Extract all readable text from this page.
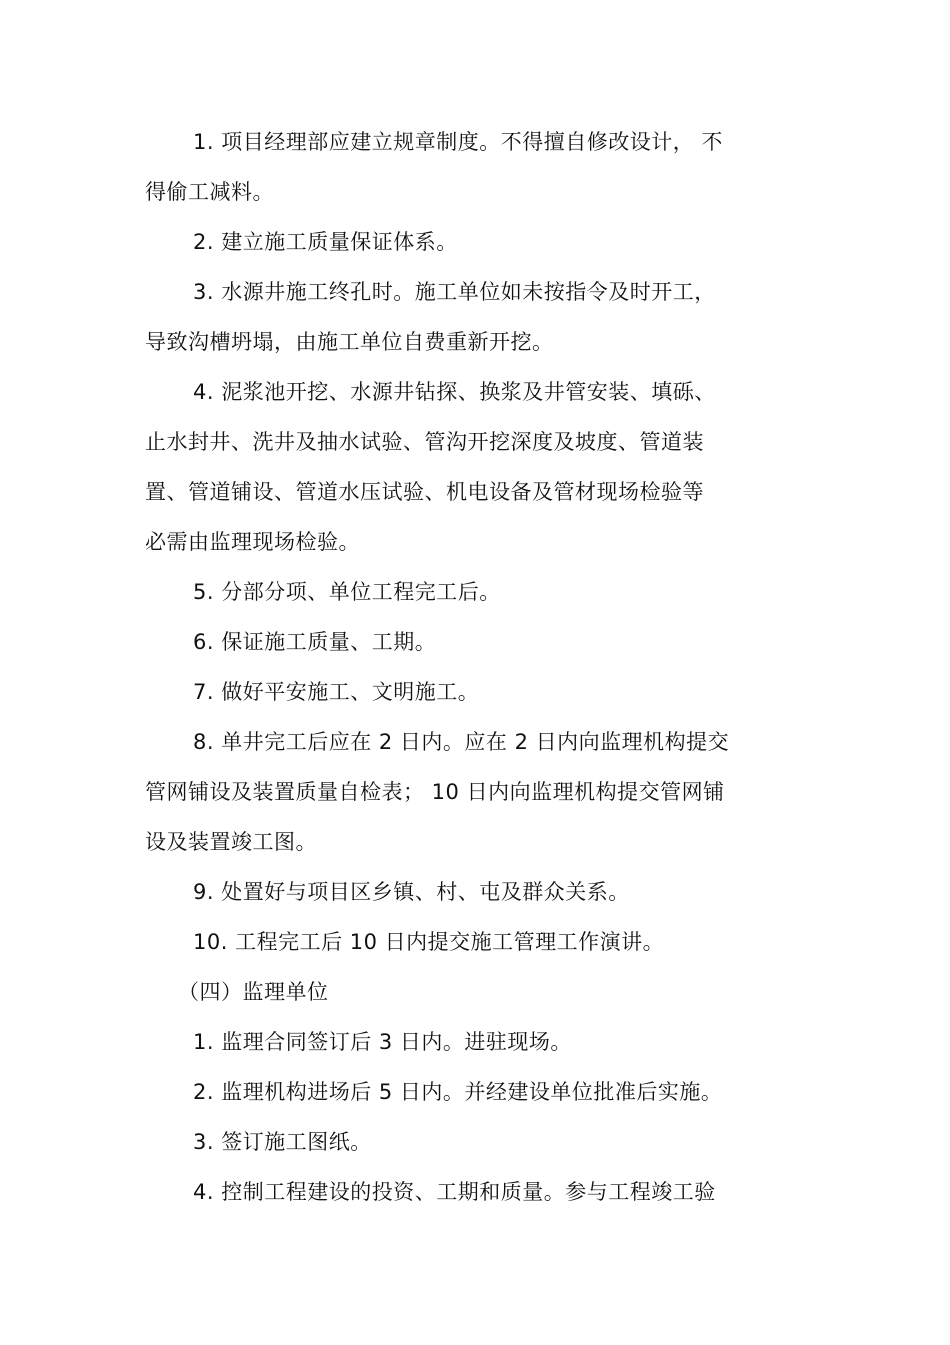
1. 项目经理部应建立规章制度。不得擅自修改设计， 不
得偷工减料。
2. 建立施工质量保证体系。
3. 水源井施工终孔时。施工单位如未按指令及时开工，
导致沟槽坍塌，由施工单位自费重新开挖。
4. 泥浆池开挖、水源井钻探、换浆及井管安装、填砾、
止水封井、洗井及抽水试验、管沟开挖深度及坡度、管道装
置、管道铺设、管道水压试验、机电设备及管材现场检验等
必需由监理现场检验。
5. 分部分项、单位工程完工后。
6. 保证施工质量、工期。
7. 做好平安施工、文明施工。
8. 单井完工后应在 2 日内。应在 2 日内向监理机构提交
管网铺设及装置质量自检表； 10 日内向监理机构提交管网铺
设及装置竣工图。
9. 处置好与项目区乡镇、村、屯及群众关系。
10. 工程完工后 10 日内提交施工管理工作演讲。
（四）监理单位
1. 监理合同签订后 3 日内。进驻现场。
2. 监理机构进场后 5 日内。并经建设单位批准后实施。
3. 签订施工图纸。
4. 控制工程建设的投资、工期和质量。参与工程竣工验
